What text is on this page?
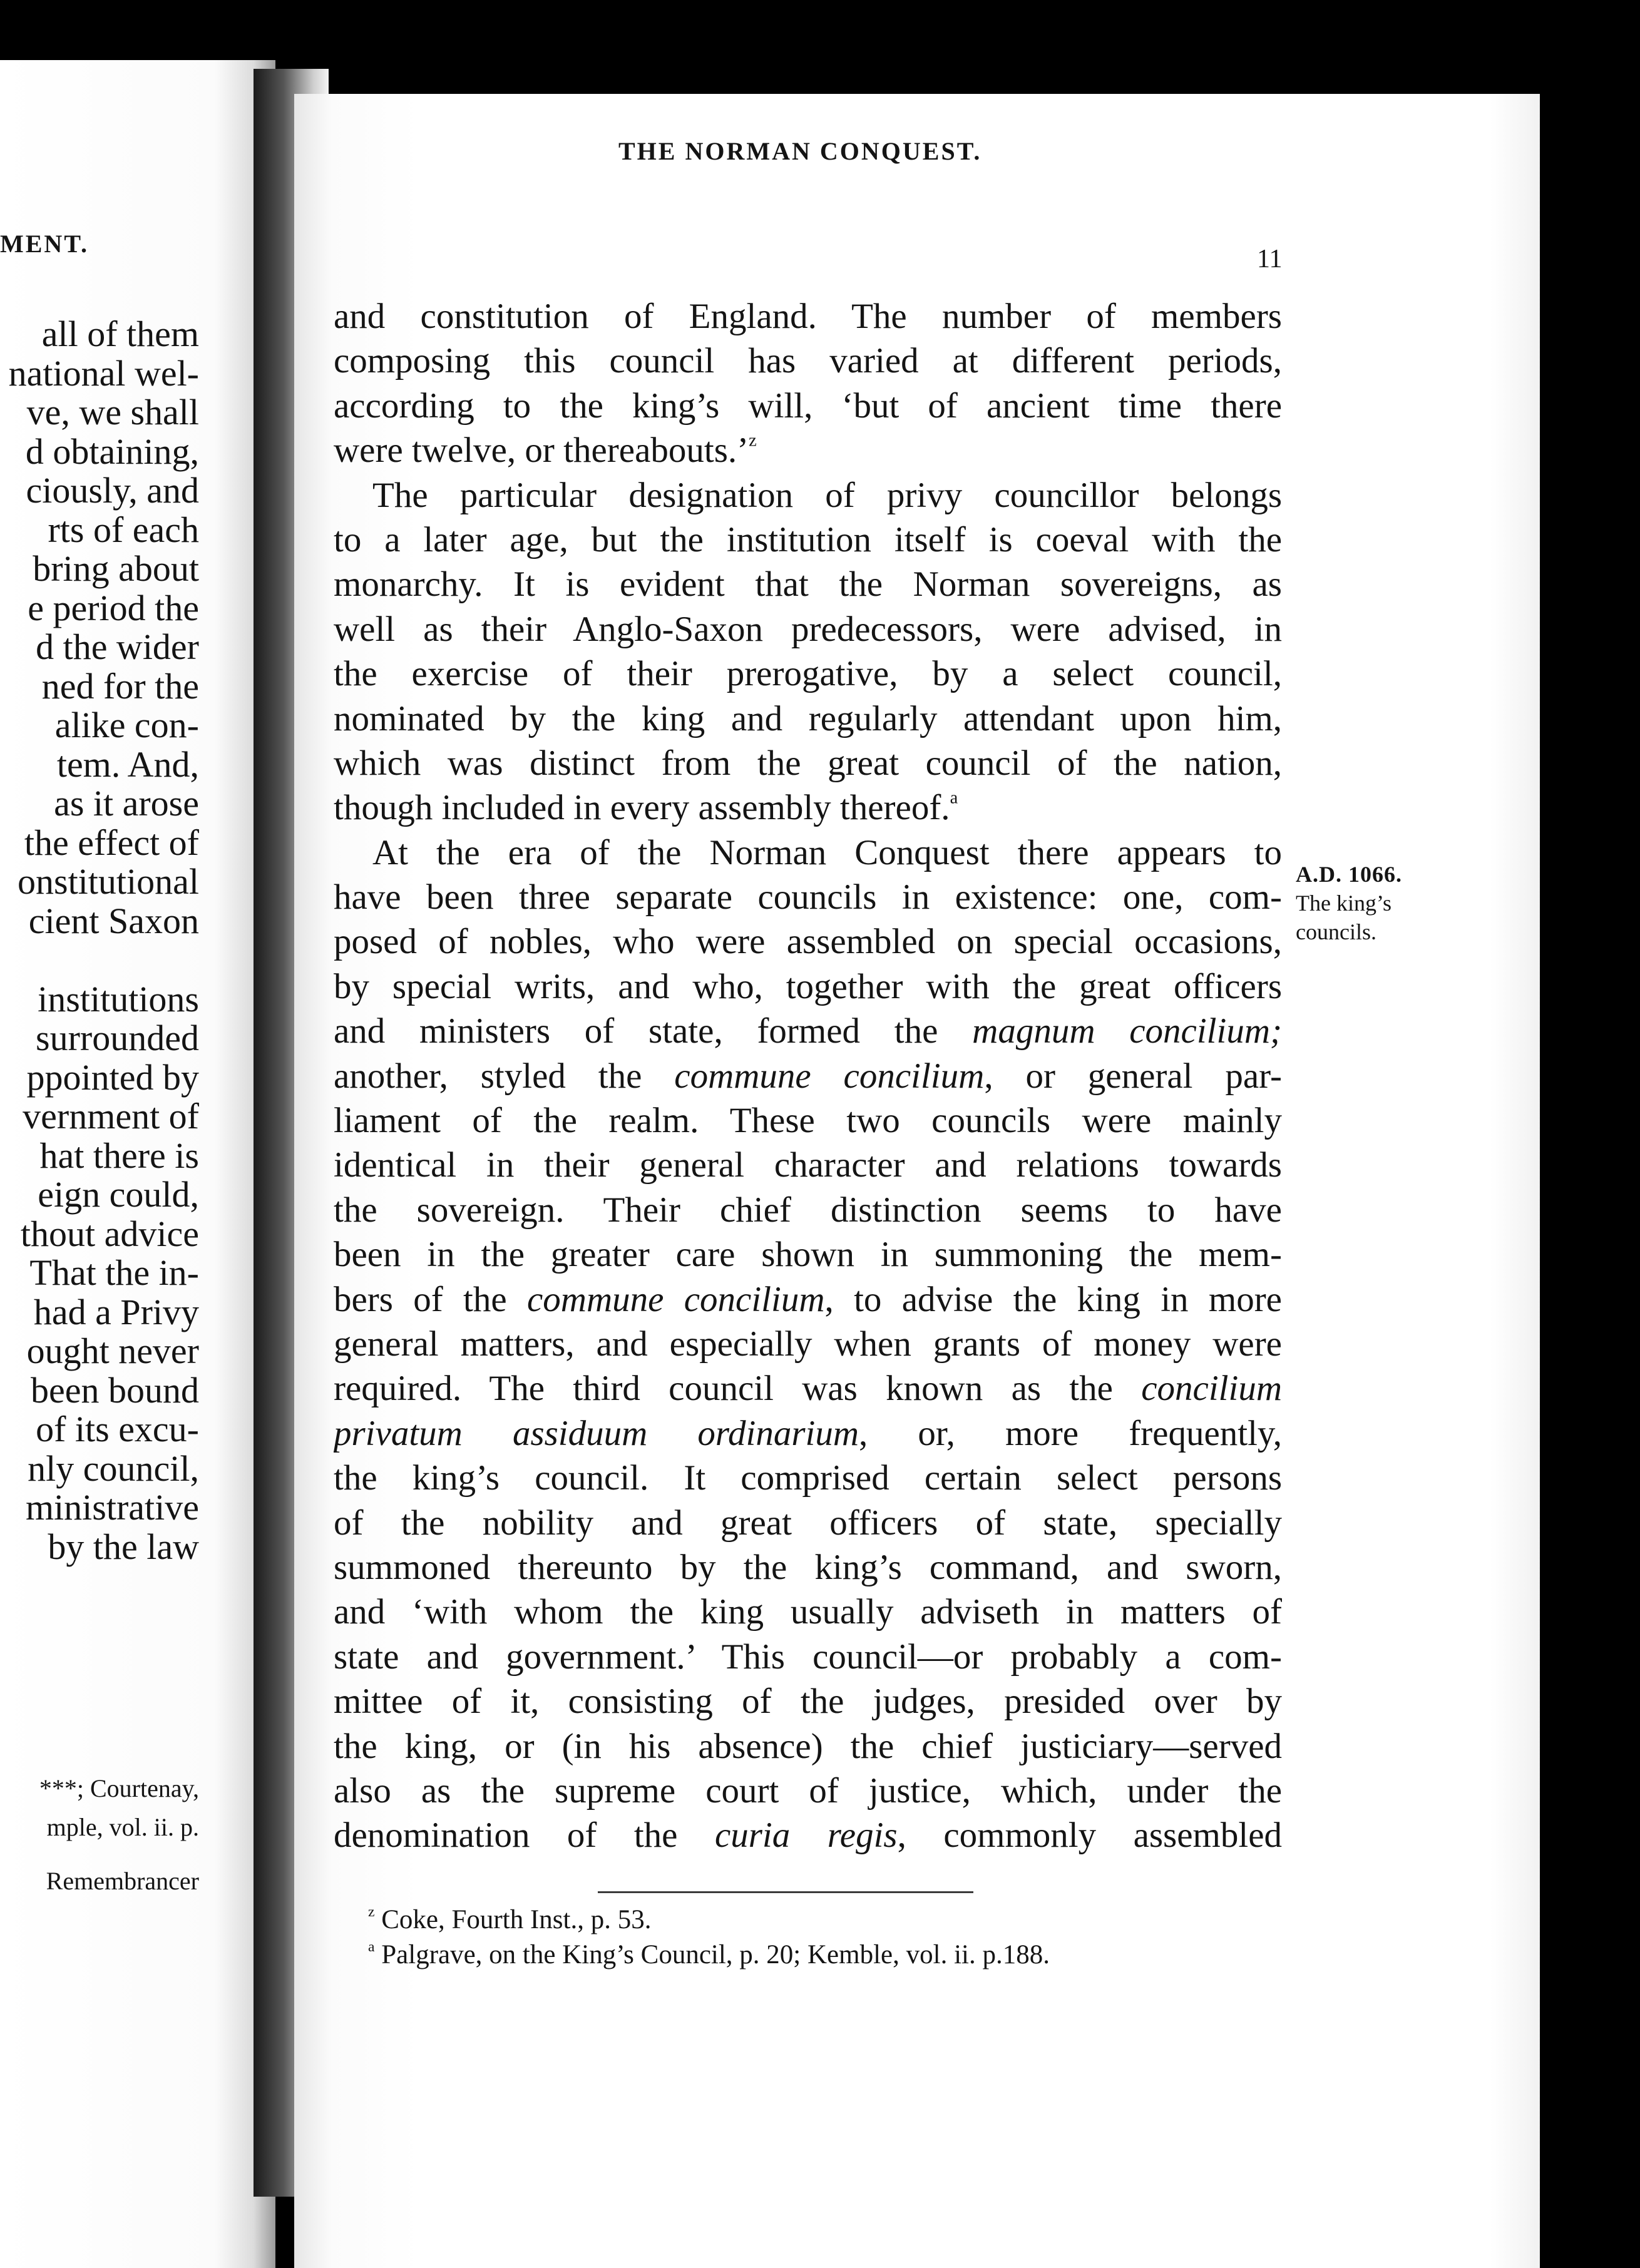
MENT.
all of them
national wel-
ve, we shall
d obtaining,
ciously, and
rts of each
bring about
e period the
d the wider
ned for the
alike con-
tem. And,
as it arose
the effect of
onstitutional
cient Saxon
institutions
surrounded
ppointed by
vernment of
hat there is
eign could,
thout advice
That the in-
had a Privy
ought never
been bound
of its excu-
nly council,
ministrative
by the law
***; Courtenay,
mple, vol. ii. p.
Remembrancer
THE NORMAN CONQUEST.
11
and constitution of England. The number of members
composing this council has varied at different periods,
according to the king’s will, ‘but of ancient time there
were twelve, or thereabouts.’$^z$
The particular designation of privy councillor belongs
to a later age, but the institution itself is coeval with the
monarchy. It is evident that the Norman sovereigns, as
well as their Anglo-Saxon predecessors, were advised, in
the exercise of their prerogative, by a select council,
nominated by the king and regularly attendant upon him,
which was distinct from the great council of the nation,
though included in every assembly thereof.$^a$
At the era of the Norman Conquest there appears to
have been three separate councils in existence: one, com-
posed of nobles, who were assembled on special occasions,
by special writs, and who, together with the great officers
and ministers of state, formed the magnum concilium;
another, styled the commune concilium, or general par-
liament of the realm. These two councils were mainly
identical in their general character and relations towards
the sovereign. Their chief distinction seems to have
been in the greater care shown in summoning the mem-
bers of the commune concilium, to advise the king in more
general matters, and especially when grants of money were
required. The third council was known as the concilium
privatum assiduum ordinarium, or, more frequently,
the king’s council. It comprised certain select persons
of the nobility and great officers of state, specially
summoned thereunto by the king’s command, and sworn,
and ‘with whom the king usually adviseth in matters of
state and government.’ This council—or probably a com-
mittee of it, consisting of the judges, presided over by
the king, or (in his absence) the chief justiciary—served
also as the supreme court of justice, which, under the
denomination of the curia regis, commonly assembled
A.D. 1066.
The king’s
councils.
$^z$ Coke, Fourth Inst., p. 53.
$^a$ Palgrave, on the King’s Council, p. 20; Kemble, vol. ii. p.188.
